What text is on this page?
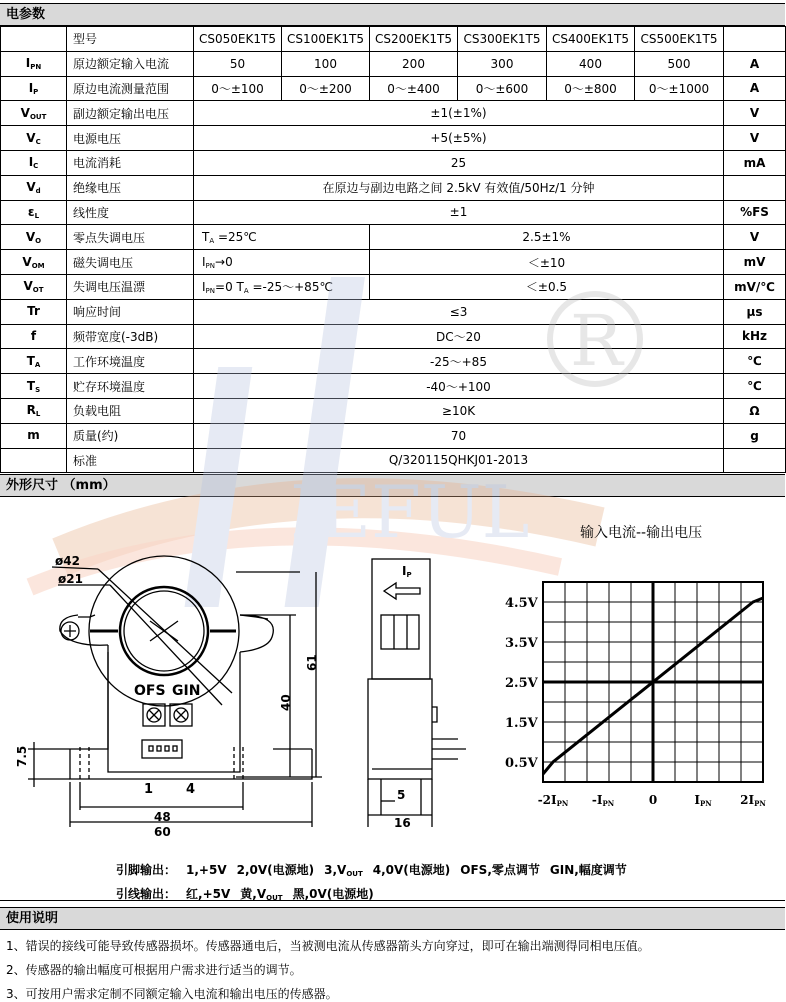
电参数
	型号	CS050EK1T5	CS100EK1T5	CS200EK1T5	CS300EK1T5	CS400EK1T5	CS500EK1T5	
$I_{PN}$	原边额定输入电流	50	100	200	300	400	500	A
$I_P$	原边电流测量范围	0～±100	0～±200	0～±400	0～±600	0～±800	0～±1000	A
$V_{OUT}$	副边额定输出电压	±1(±1%)						V
$V_C$	电源电压	+5(±5%)						V
$I_C$	电流消耗	25						mA
$V_d$	绝缘电压	在原边与副边电路之间 2.5kV 有效值/50Hz/1 分钟						
$\varepsilon_L$	线性度	±1						%FS
$V_O$	零点失调电压	$T_A$ =25℃		2.5±1%				V
$V_{OM}$	磁失调电压	$I_{PN}\to 0$		＜±10				mV
$V_{OT}$	失调电压温漂	$I_{PN}=0$ $T_A$ =-25～+85℃		＜±0.5				mV/℃
Tr	响应时间	≤3						μs
f	频带宽度(-3dB)	DC～20						kHz
$T_A$	工作环境温度	-25～+85						℃
$T_S$	贮存环境温度	-40～+100						℃
$R_L$	负载电阻	≥10K						Ω
m	质量(约)	70						g
	标准	Q/320115QHKJ01-2013						
外形尺寸 （mm）	IEFUL
R
ø42
ø21
OFS GIN
1	4
48
60
7.5
40
61
IP
5
16
输入电流--输出电压
0.5V
1.5V
2.5V
3.5V
4.5V
-2IPN -IPN	0	IPN 2IPN
引脚输出： 1,+5V 2,0V(电源地) $3,V_{OUT}$ 4,0V(电源地) OFS,零点调节 GIN,幅度调节
引线输出： 红,+5V 黄$,V_{OUT}$ 黑,0V(电源地)
使用说明
1、错误的接线可能导致传感器损坏。传感器通电后，当被测电流从传感器箭头方向穿过，即可在输出端测得同相电压值。
2、传感器的输出幅度可根据用户需求进行适当的调节。
3、可按用户需求定制不同额定输入电流和输出电压的传感器。
